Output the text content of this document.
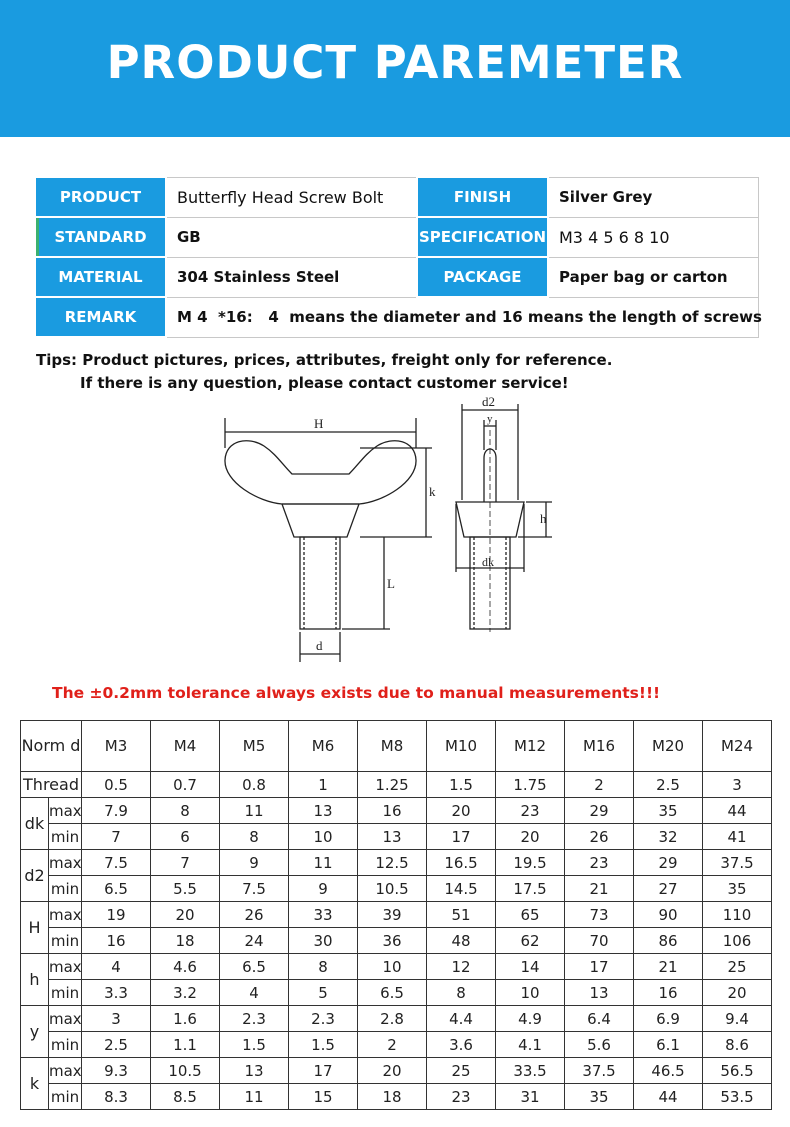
PRODUCT PAREMETER
PRODUCT	Butterfly Head Screw Bolt	FINISH	Silver Grey
STANDARD	GB	SPECIFICATION	M3 4 5 6 8 10
MATERIAL	304 Stainless Steel	PACKAGE	Paper bag or carton
REMARK	M 4  *16:   4  means the diameter and 16 means the length of screws		
Tips: Product pictures, prices, attributes, freight only for reference.
If there is any question, please contact customer service!
H
k
L
d
d2
y
h
dk
The ±0.2mm tolerance always exists due to manual measurements!!!
Norm d		M3	M4	M5	M6	M8	M10	M12	M16	M20	M24
Thread		0.5	0.7	0.8	1	1.25	1.5	1.75	2	2.5	3
dk	max	7.9	8	11	13	16	20	23	29	35	44
	min	7	6	8	10	13	17	20	26	32	41
d2	max	7.5	7	9	11	12.5	16.5	19.5	23	29	37.5
	min	6.5	5.5	7.5	9	10.5	14.5	17.5	21	27	35
H	max	19	20	26	33	39	51	65	73	90	110
	min	16	18	24	30	36	48	62	70	86	106
h	max	4	4.6	6.5	8	10	12	14	17	21	25
	min	3.3	3.2	4	5	6.5	8	10	13	16	20
y	max	3	1.6	2.3	2.3	2.8	4.4	4.9	6.4	6.9	9.4
	min	2.5	1.1	1.5	1.5	2	3.6	4.1	5.6	6.1	8.6
k	max	9.3	10.5	13	17	20	25	33.5	37.5	46.5	56.5
	min	8.3	8.5	11	15	18	23	31	35	44	53.5
